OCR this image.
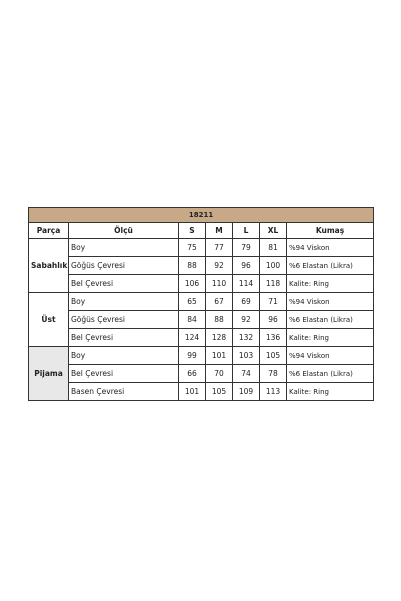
18211						
Parça	Ölçü	S	M	L	XL	Kumaş
Sabahlık	Boy	75	77	79	81	%94 Viskon
	Göğüs Çevresi	88	92	96	100	%6 Elastan (Likra)
	Bel Çevresi	106	110	114	118	Kalite: Ring
Üst	Boy	65	67	69	71	%94 Viskon
	Göğüs Çevresi	84	88	92	96	%6 Elastan (Likra)
	Bel Çevresi	124	128	132	136	Kalite: Ring
Pijama	Boy	99	101	103	105	%94 Viskon
	Bel Çevresi	66	70	74	78	%6 Elastan (Likra)
	Basen Çevresi	101	105	109	113	Kalite: Ring
